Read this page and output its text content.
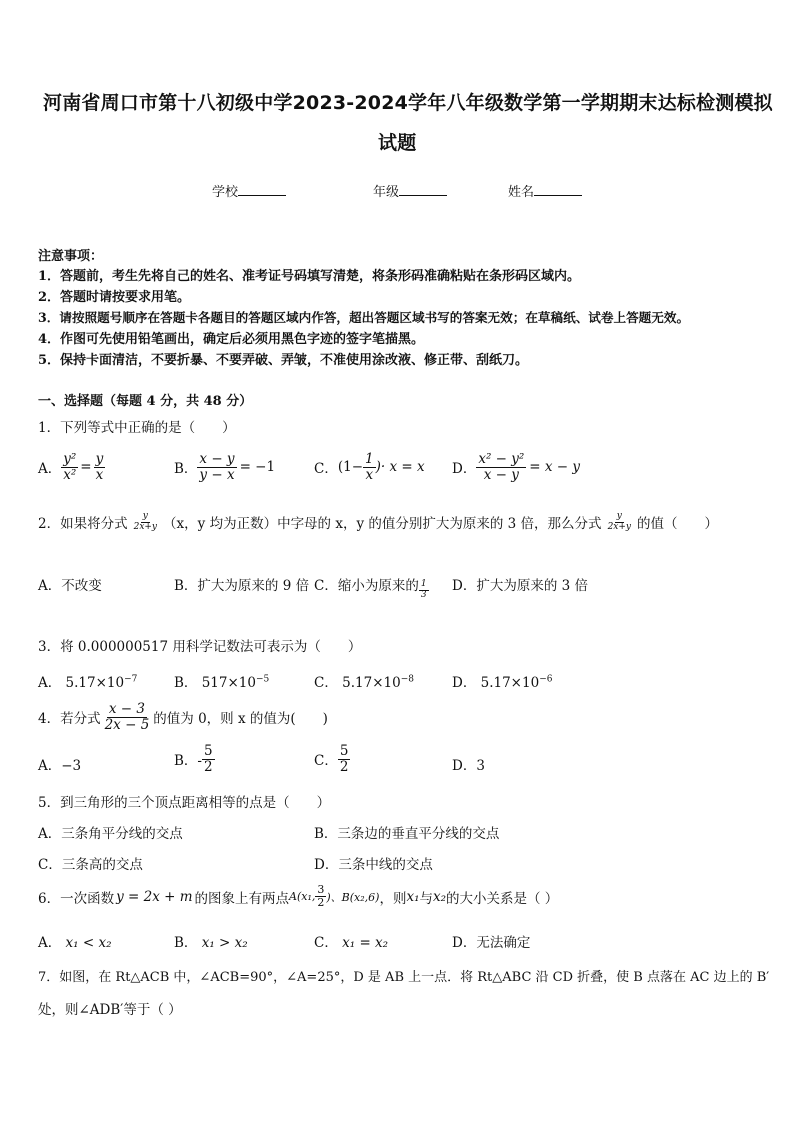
河南省周口市第十八初级中学2023-2024学年八年级数学第一学期期末达标检测模拟
试题
学校	年级	姓名
注意事项：
1．答题前，考生先将自己的姓名、准考证号码填写清楚，将条形码准确粘贴在条形码区域内。
2．答题时请按要求用笔。
3．请按照题号顺序在答题卡各题目的答题区域内作答，超出答题区域书写的答案无效；在草稿纸、试卷上答题无效。
4．作图可先使用铅笔画出，确定后必须用黑色字迹的签字笔描黑。
5．保持卡面清洁，不要折暴、不要弄破、弄皱，不准使用涂改液、修正带、刮纸刀。
一、选择题（每题 4 分，共 48 分）
1．下列等式中正确的是（　　）
A． $\frac{\text{y²}}{\text{x²}} = \frac{y}{x}$	B． $\frac{x - y}{y - x} = -1$	C． ($1- \frac{1}{x}$ )· x = x D． $\frac{\text{x² − y²}}{x - y} = x - y$
2．如果将分式 $\frac{y}{2x+y} (x$，y 均为正数）中字母的 x，y 的值分别扩大为原来的 3 倍，那么分式 $\frac{y}{2x+y}$ 的值（　　）
A．不改变	B．扩大为原来的 9 倍 C．缩小为原来的 $\frac{1}{3}$ D．扩大为原来的 3 倍
3．将 0.000000517 用科学记数法可表示为（　　）
A． $5.17\times 10^{-7}$	B． $517\times 10^{-5}$	C． $5.17\times 10^{-8}$	D． $5.17\times 10^{-6}$
4．若分式 $\frac{x - 3}{2x - 5}$ 的值为 0，则 x 的值为(　　)
A．−3	B．- $\frac{5}{2}$	C． $\frac{5}{2}$	D．3
5．到三角形的三个顶点距离相等的点是（　　）
A．三条角平分线的交点	B．三条边的垂直平分线的交点
C．三条高的交点	D．三条中线的交点
6．一次函数 y = 2x + m 的图象上有两点 A(x₁, $\frac{3}{2}$ )、B(x₂,6) ，则 x₁ 与 x₂ 的大小关系是（ ）
A． x₁ < x₂	B． x₁ > x₂	C． x₁ = x₂	D．无法确定
7．如图，在 Rt△ACB 中，∠ACB=90°，∠A=25°，D 是 AB 上一点．将 Rt△ABC 沿 CD 折叠，使 B 点落在 AC 边上的 B′
处，则∠ADB′等于（ ）
